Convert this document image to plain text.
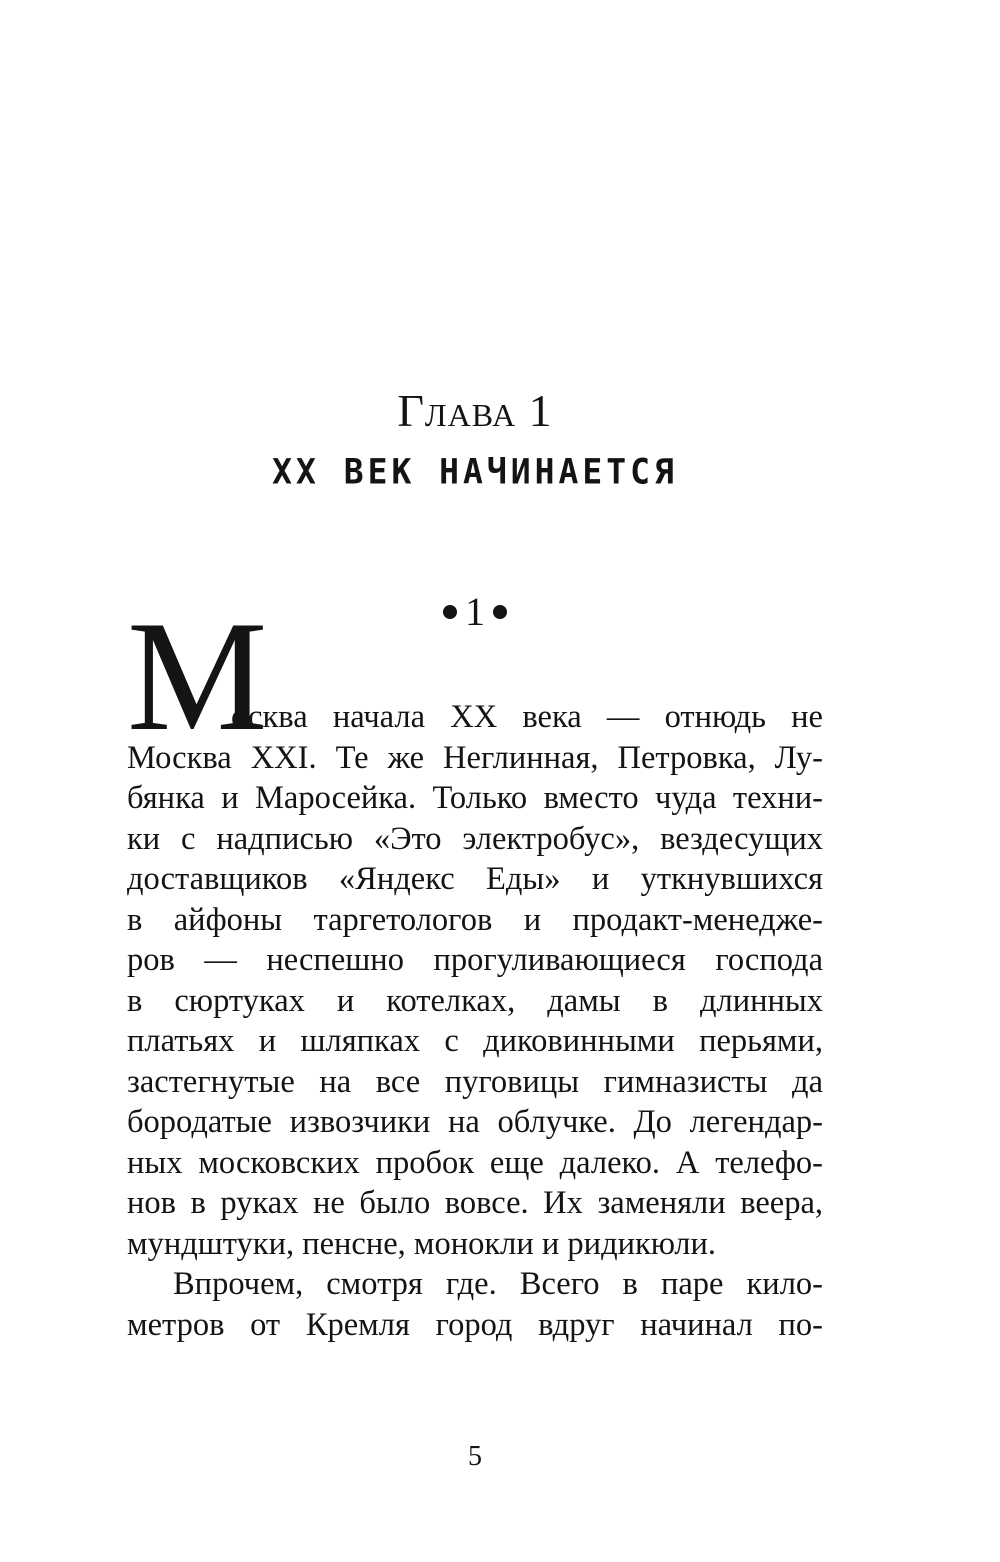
Глава 1
XX ВЕК НАЧИНАЕТСЯ
1
М
осква начала XX века — отнюдь не
Москва XXI. Те же Неглинная, Петровка, Лу-
бянка и Маросейка. Только вместо чуда техни-
ки с надписью «Это электробус», вездесущих
доставщиков «Яндекс Еды» и уткнувшихся
в айфоны таргетологов и продакт-менедже-
ров — неспешно прогуливающиеся господа
в сюртуках и котелках, дамы в длинных
платьях и шляпках с диковинными перьями,
застегнутые на все пуговицы гимназисты да
бородатые извозчики на облучке. До легендар-
ных московских пробок еще далеко. А телефо-
нов в руках не было вовсе. Их заменяли веера,
мундштуки, пенсне, монокли и ридикюли.
Впрочем, смотря где. Всего в паре кило-
метров от Кремля город вдруг начинал по-
5
